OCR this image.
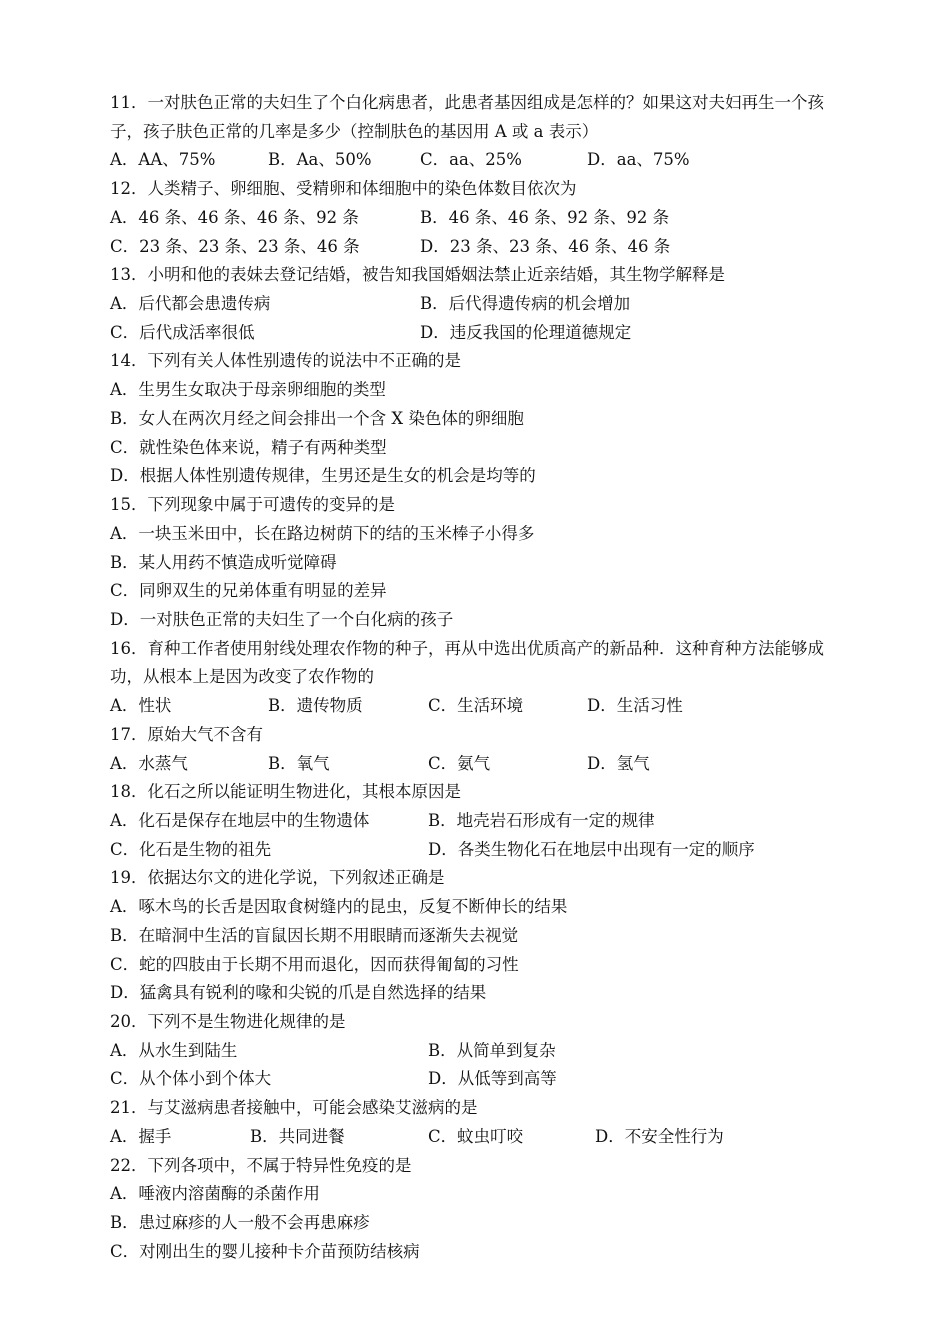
11．一对肤色正常的夫妇生了个白化病患者，此患者基因组成是怎样的？如果这对夫妇再生一个孩
子，孩子肤色正常的几率是多少（控制肤色的基因用 A 或 a 表示）
A．AA、75%	B．Aa、50%	C．aa、25%	D．aa、75%
12．人类精子、卵细胞、受精卵和体细胞中的染色体数目依次为
A．46 条、46 条、46 条、92 条	B．46 条、46 条、92 条、92 条
C．23 条、23 条、23 条、46 条	D．23 条、23 条、46 条、46 条
13．小明和他的表妹去登记结婚，被告知我国婚姻法禁止近亲结婚，其生物学解释是
A．后代都会患遗传病	B．后代得遗传病的机会增加
C．后代成活率很低	D．违反我国的伦理道德规定
14．下列有关人体性别遗传的说法中不正确的是
A．生男生女取决于母亲卵细胞的类型
B．女人在两次月经之间会排出一个含 X 染色体的卵细胞
C．就性染色体来说，精子有两种类型
D．根据人体性别遗传规律，生男还是生女的机会是均等的
15．下列现象中属于可遗传的变异的是
A．一块玉米田中，长在路边树荫下的结的玉米棒子小得多
B．某人用药不慎造成听觉障碍
C．同卵双生的兄弟体重有明显的差异
D．一对肤色正常的夫妇生了一个白化病的孩子
16．育种工作者使用射线处理农作物的种子，再从中选出优质高产的新品种．这种育种方法能够成
功，从根本上是因为改变了农作物的
A．性状	B．遗传物质	C．生活环境	D．生活习性
17．原始大气不含有
A．水蒸气	B．氧气	C．氨气	D．氢气
18．化石之所以能证明生物进化，其根本原因是
A．化石是保存在地层中的生物遗体	B．地壳岩石形成有一定的规律
C．化石是生物的祖先	D．各类生物化石在地层中出现有一定的顺序
19．依据达尔文的进化学说，下列叙述正确是
A．啄木鸟的长舌是因取食树缝内的昆虫，反复不断伸长的结果
B．在暗洞中生活的盲鼠因长期不用眼睛而逐渐失去视觉
C．蛇的四肢由于长期不用而退化，因而获得匍匐的习性
D．猛禽具有锐利的喙和尖锐的爪是自然选择的结果
20．下列不是生物进化规律的是
A．从水生到陆生	B．从简单到复杂
C．从个体小到个体大	D．从低等到高等
21．与艾滋病患者接触中，可能会感染艾滋病的是
A．握手	B．共同进餐	C．蚊虫叮咬	D．不安全性行为
22．下列各项中，不属于特异性免疫的是
A．唾液内溶菌酶的杀菌作用
B．患过麻疹的人一般不会再患麻疹
C．对刚出生的婴儿接种卡介苗预防结核病
